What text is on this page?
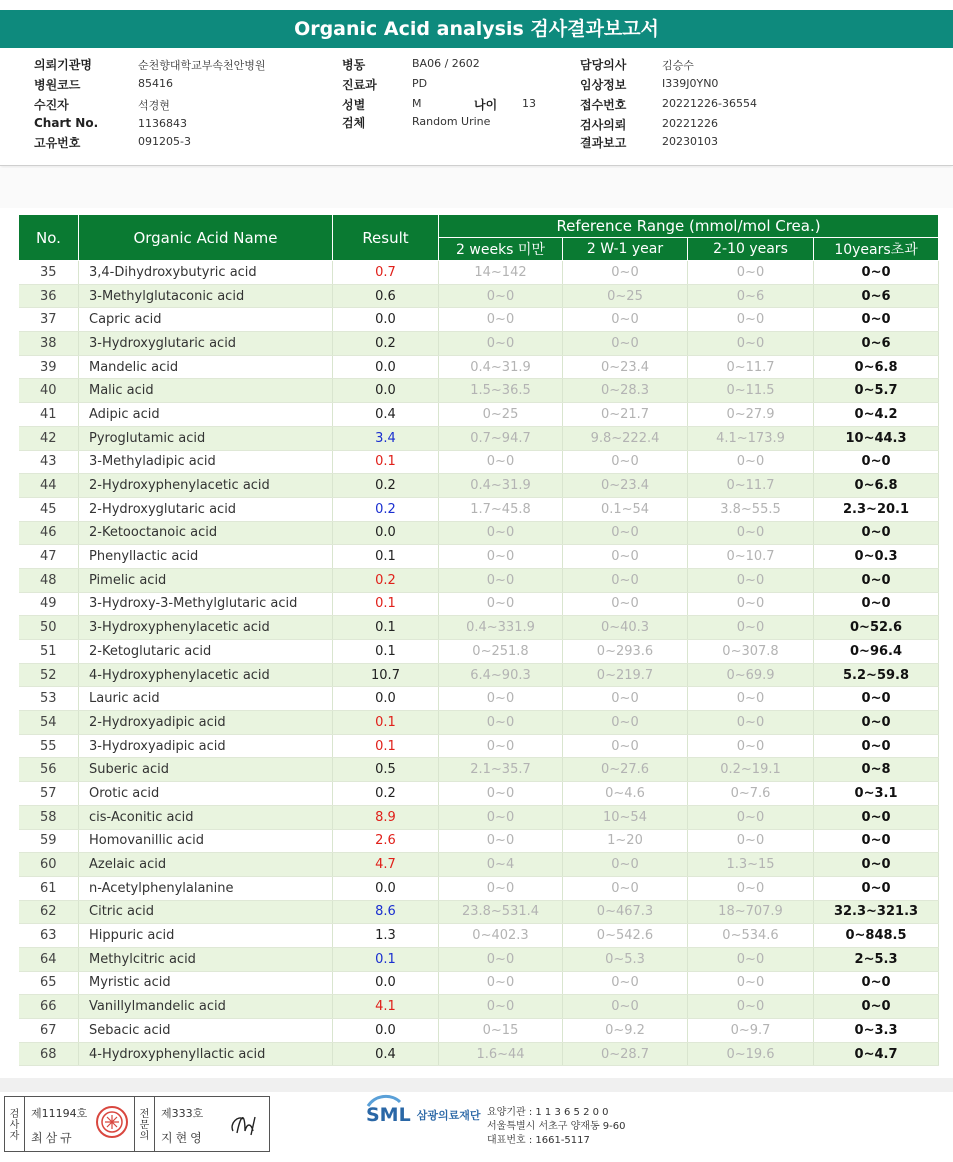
Organic Acid analysis 검사결과보고서
의뢰기관명	순천향대학교부속천안병원
병원코드	85416
수진자	석경현
Chart No.	1136843
고유번호	091205-3
병동	BA06 / 2602
진료과	PD
성별	M	나이 13
검체	Random Urine
담당의사	김승수
임상정보	I339J0YN0
접수번호	20221226-36554
검사의뢰	20221226
결과보고	20230103
No.	Organic Acid Name	Result	Reference Range (mmol/mol Crea.)			
			2 weeks 미만	2 W-1 year	2-10 years	10years초과
35	3,4-Dihydroxybutyric acid	0.7	14~142	0~0	0~0	0~0
36	3-Methylglutaconic acid	0.6	0~0	0~25	0~6	0~6
37	Capric acid	0.0	0~0	0~0	0~0	0~0
38	3-Hydroxyglutaric acid	0.2	0~0	0~0	0~0	0~6
39	Mandelic acid	0.0	0.4~31.9	0~23.4	0~11.7	0~6.8
40	Malic acid	0.0	1.5~36.5	0~28.3	0~11.5	0~5.7
41	Adipic acid	0.4	0~25	0~21.7	0~27.9	0~4.2
42	Pyroglutamic acid	3.4	0.7~94.7	9.8~222.4	4.1~173.9	10~44.3
43	3-Methyladipic acid	0.1	0~0	0~0	0~0	0~0
44	2-Hydroxyphenylacetic acid	0.2	0.4~31.9	0~23.4	0~11.7	0~6.8
45	2-Hydroxyglutaric acid	0.2	1.7~45.8	0.1~54	3.8~55.5	2.3~20.1
46	2-Ketooctanoic acid	0.0	0~0	0~0	0~0	0~0
47	Phenyllactic acid	0.1	0~0	0~0	0~10.7	0~0.3
48	Pimelic acid	0.2	0~0	0~0	0~0	0~0
49	3-Hydroxy-3-Methylglutaric acid	0.1	0~0	0~0	0~0	0~0
50	3-Hydroxyphenylacetic acid	0.1	0.4~331.9	0~40.3	0~0	0~52.6
51	2-Ketoglutaric acid	0.1	0~251.8	0~293.6	0~307.8	0~96.4
52	4-Hydroxyphenylacetic acid	10.7	6.4~90.3	0~219.7	0~69.9	5.2~59.8
53	Lauric acid	0.0	0~0	0~0	0~0	0~0
54	2-Hydroxyadipic acid	0.1	0~0	0~0	0~0	0~0
55	3-Hydroxyadipic acid	0.1	0~0	0~0	0~0	0~0
56	Suberic acid	0.5	2.1~35.7	0~27.6	0.2~19.1	0~8
57	Orotic acid	0.2	0~0	0~4.6	0~7.6	0~3.1
58	cis-Aconitic acid	8.9	0~0	10~54	0~0	0~0
59	Homovanillic acid	2.6	0~0	1~20	0~0	0~0
60	Azelaic acid	4.7	0~4	0~0	1.3~15	0~0
61	n-Acetylphenylalanine	0.0	0~0	0~0	0~0	0~0
62	Citric acid	8.6	23.8~531.4	0~467.3	18~707.9	32.3~321.3
63	Hippuric acid	1.3	0~402.3	0~542.6	0~534.6	0~848.5
64	Methylcitric acid	0.1	0~0	0~5.3	0~0	2~5.3
65	Myristic acid	0.0	0~0	0~0	0~0	0~0
66	Vanillylmandelic acid	4.1	0~0	0~0	0~0	0~0
67	Sebacic acid	0.0	0~15	0~9.2	0~9.7	0~3.3
68	4-Hydroxyphenyllactic acid	0.4	1.6~44	0~28.7	0~19.6	0~4.7
검사자
제11194호
최삼규
전문의
제333호
지현영
SML 삼광의료재단 요양기관 : 1 1 3 6 5 2 0 0
서울특별시 서초구 양재동 9-60
대표번호 : 1661-5117
